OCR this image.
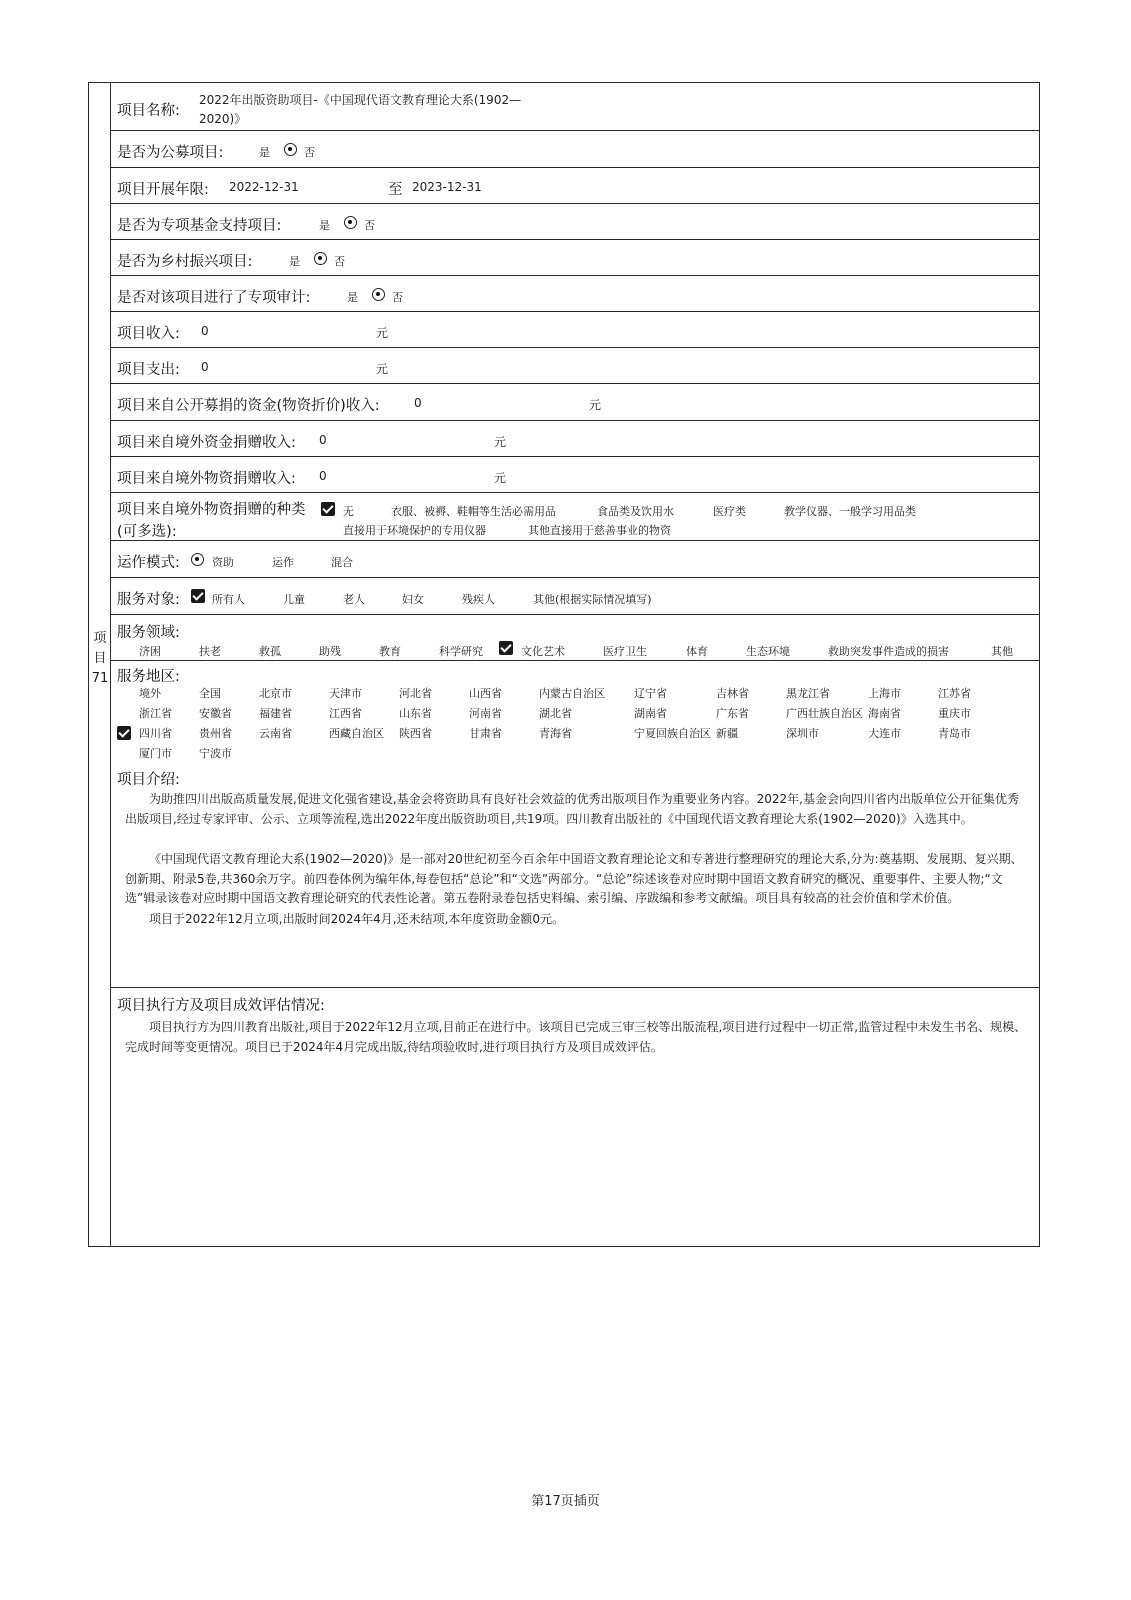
项
目
71
项目名称:
2022年出版资助项目-《中国现代语文教育理论大系(1902—
2020)》
是否为公募项目:	是	否
项目开展年限: 2022-12-31	至 2023-12-31
是否为专项基金支持项目:	是	否
是否为乡村振兴项目:	是	否
是否对该项目进行了专项审计:	是	否
项目收入: 0	元
项目支出: 0	元
项目来自公开募捐的资金(物资折价)收入:	0	元
项目来自境外资金捐赠收入: 0	元
项目来自境外物资捐赠收入: 0	元
项目来自境外物资捐赠的种类
(可多选):
无	衣服、被褥、鞋帽等生活必需用品	食品类及饮用水	医疗类	教学仪器、一般学习用品类
直接用于环境保护的专用仪器	其他直接用于慈善事业的物资
运作模式:	资助	运作	混合
服务对象:	所有人	儿童	老人	妇女	残疾人	其他(根据实际情况填写)
服务领域:
济困	扶老	救孤	助残	教育	科学研究	文化艺术	医疗卫生	体育	生态环境	救助突发事件造成的损害	其他
服务地区:
境外	全国	北京市	天津市	河北省	山西省	内蒙古自治区	辽宁省	吉林省	黑龙江省	上海市	江苏省
浙江省 安徽省 福建省	江西省	山东省	河南省	湖北省	湖南省	广东省	广西壮族自治区 海南省	重庆市
四川省 贵州省 云南省	西藏自治区 陕西省	甘肃省	青海省	宁夏回族自治区 新疆	深圳市	大连市	青岛市
厦门市 宁波市
项目介绍:
为助推四川出版高质量发展,促进文化强省建设,基金会将资助具有良好社会效益的优秀出版项目作为重要业务内容。2022年,基金会向四川省内出版单位公开征集优秀出版项目,经过专家评审、公示、立项等流程,选出2022年度出版资助项目,共19项。四川教育出版社的《中国现代语文教育理论大系(1902—2020)》入选其中。
《中国现代语文教育理论大系(1902—2020)》是一部对20世纪初至今百余年中国语文教育理论论文和专著进行整理研究的理论大系,分为:奠基期、发展期、复兴期、创新期、附录5卷,共360余万字。前四卷体例为编年体,每卷包括“总论”和“文选”两部分。“总论”综述该卷对应时期中国语文教育研究的概况、重要事件、主要人物;“文选”辑录该卷对应时期中国语文教育理论研究的代表性论著。第五卷附录卷包括史料编、索引编、序跋编和参考文献编。项目具有较高的社会价值和学术价值。
项目于2022年12月立项,出版时间2024年4月,还未结项,本年度资助金额0元。
项目执行方及项目成效评估情况:
项目执行方为四川教育出版社,项目于2022年12月立项,目前正在进行中。该项目已完成三审三校等出版流程,项目进行过程中一切正常,监管过程中未发生书名、规模、完成时间等变更情况。项目已于2024年4月完成出版,待结项验收时,进行项目执行方及项目成效评估。
第17页插页
